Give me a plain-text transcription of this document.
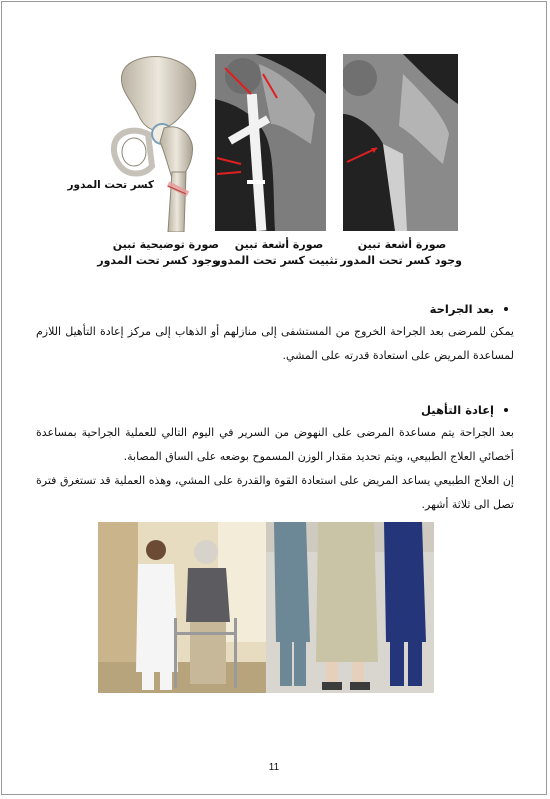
كسر تحت المدور
صورة توضيحية تبين
وجود كسر تحت المدور
صورة أشعة تبين
تثبيت كسر تحت المدور
صورة أشعة تبين
وجود كسر تحت المدور
بعد الجراحة
يمكن للمرضى بعد الجراحة الخروج من المستشفى إلى منازلهم أو الذهاب إلى مركز إعادة التأهيل اللازم لمساعدة المريض على استعادة قدرته على المشي.
إعادة التأهيل
بعد الجراحة يتم مساعدة المرضى على النهوض من السرير في اليوم التالي للعملية الجراحية بمساعدة أخصائي العلاج الطبيعي، ويتم تحديد مقدار الوزن المسموح بوضعه على الساق المصابة.
إن العلاج الطبيعي يساعد المريض على استعادة القوة والقدرة على المشي، وهذه العملية قد تستغرق فترة تصل الى ثلاثة أشهر.
11
